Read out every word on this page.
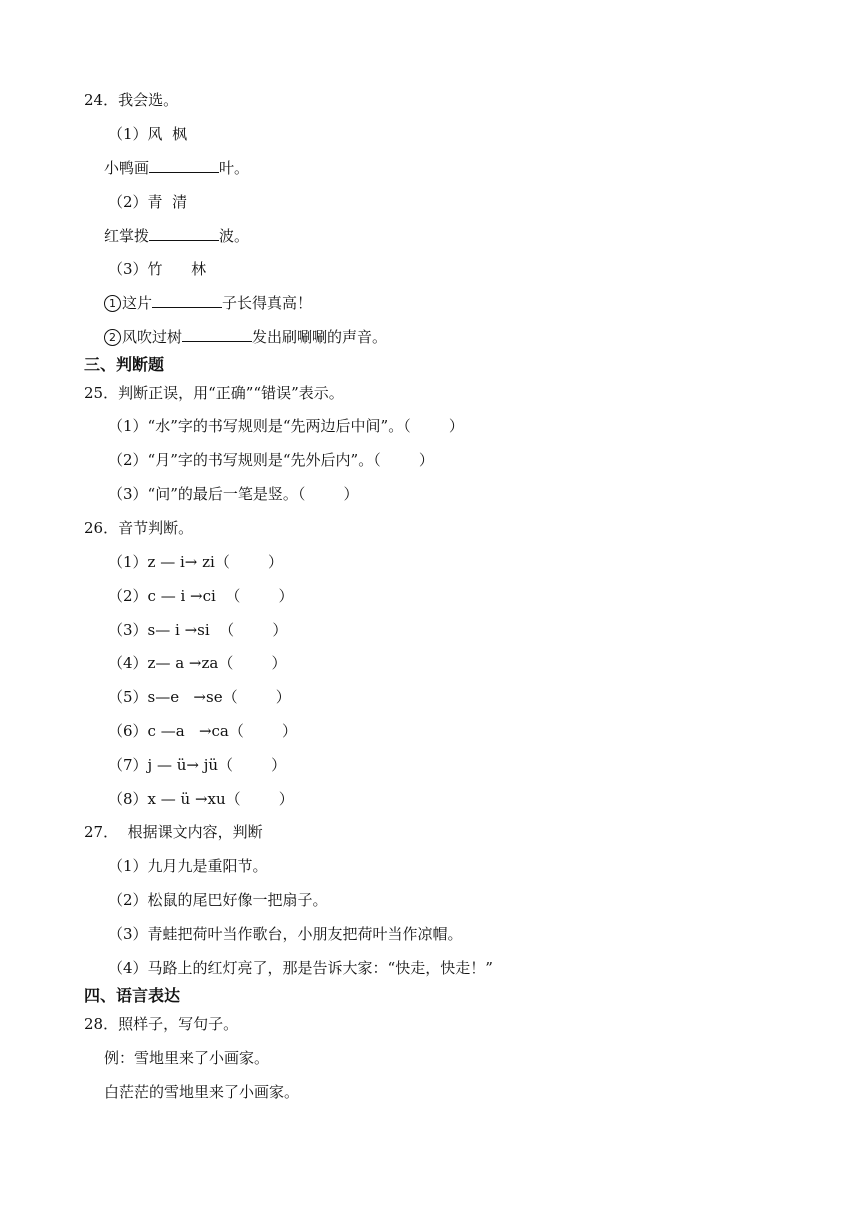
24．我会选。
（1）风  枫
小鸭画	叶。
（2）青  清
红掌拨	波。
（3）竹      林
1 这片	子长得真高！
2 风吹过树	发出刷唰唰的声音。
三、判断题
25．判断正误，用“正确”“错误”表示。
（1）“水”字的书写规则是“先两边后中间”。（        ）
（2）“月”字的书写规则是“先外后内”。（        ）
（3）“问”的最后一笔是竖。（        ）
26．音节判断。
（1）z — i→ zi（        ）
（2）c — i →ci  （        ）
（3）s— i →si  （        ）
（4）z— a →za（        ）
（5）s—e   →se（        ）
（6）c —a   →ca（        ）
（7）j — ü→ jü（        ）
（8）x — ü →xu（        ）
27．  根据课文内容，判断
（1）九月九是重阳节。
（2）松鼠的尾巴好像一把扇子。
（3）青蛙把荷叶当作歌台，小朋友把荷叶当作凉帽。
（4）马路上的红灯亮了，那是告诉大家：“快走，快走！”
四、语言表达
28．照样子，写句子。
例：雪地里来了小画家。
白茫茫的雪地里来了小画家。
